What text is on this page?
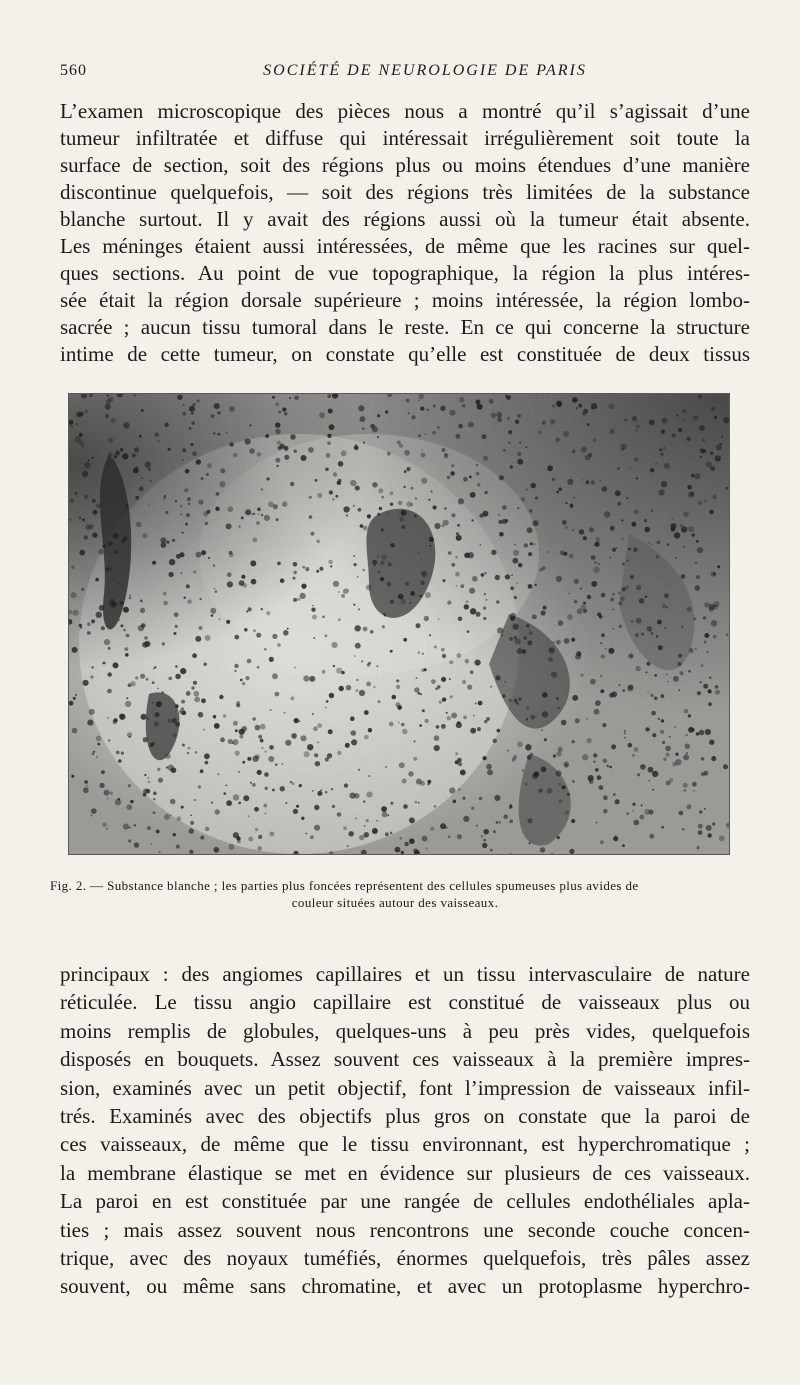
560	SOCIÉTÉ DE NEUROLOGIE DE PARIS
L’examen microscopique des pièces nous a montré qu’il s’agissait d’une
tumeur infiltratée et diffuse qui intéressait irrégulièrement soit toute la
surface de section, soit des régions plus ou moins étendues d’une manière
discontinue quelquefois, — soit des régions très limitées de la substance
blanche surtout. Il y avait des régions aussi où la tumeur était absente.
Les méninges étaient aussi intéressées, de même que les racines sur quel-
ques sections. Au point de vue topographique, la région la plus intéres-
sée était la région dorsale supérieure ; moins intéressée, la région lombo-
sacrée ; aucun tissu tumoral dans le reste. En ce qui concerne la structure
intime de cette tumeur, on constate qu’elle est constituée de deux tissus
Fig. 2. — Substance blanche ; les parties plus foncées représentent des cellules spumeuses plus avides de
couleur situées autour des vaisseaux.
principaux : des angiomes capillaires et un tissu intervasculaire de nature
réticulée. Le tissu angio capillaire est constitué de vaisseaux plus ou
moins remplis de globules, quelques-uns à peu près vides, quelquefois
disposés en bouquets. Assez souvent ces vaisseaux à la première impres-
sion, examinés avec un petit objectif, font l’impression de vaisseaux infil-
trés. Examinés avec des objectifs plus gros on constate que la paroi de
ces vaisseaux, de même que le tissu environnant, est hyperchromatique ;
la membrane élastique se met en évidence sur plusieurs de ces vaisseaux.
La paroi en est constituée par une rangée de cellules endothéliales apla-
ties ; mais assez souvent nous rencontrons une seconde couche concen-
trique, avec des noyaux tuméfiés, énormes quelquefois, très pâles assez
souvent, ou même sans chromatine, et avec un protoplasme hyperchro-
